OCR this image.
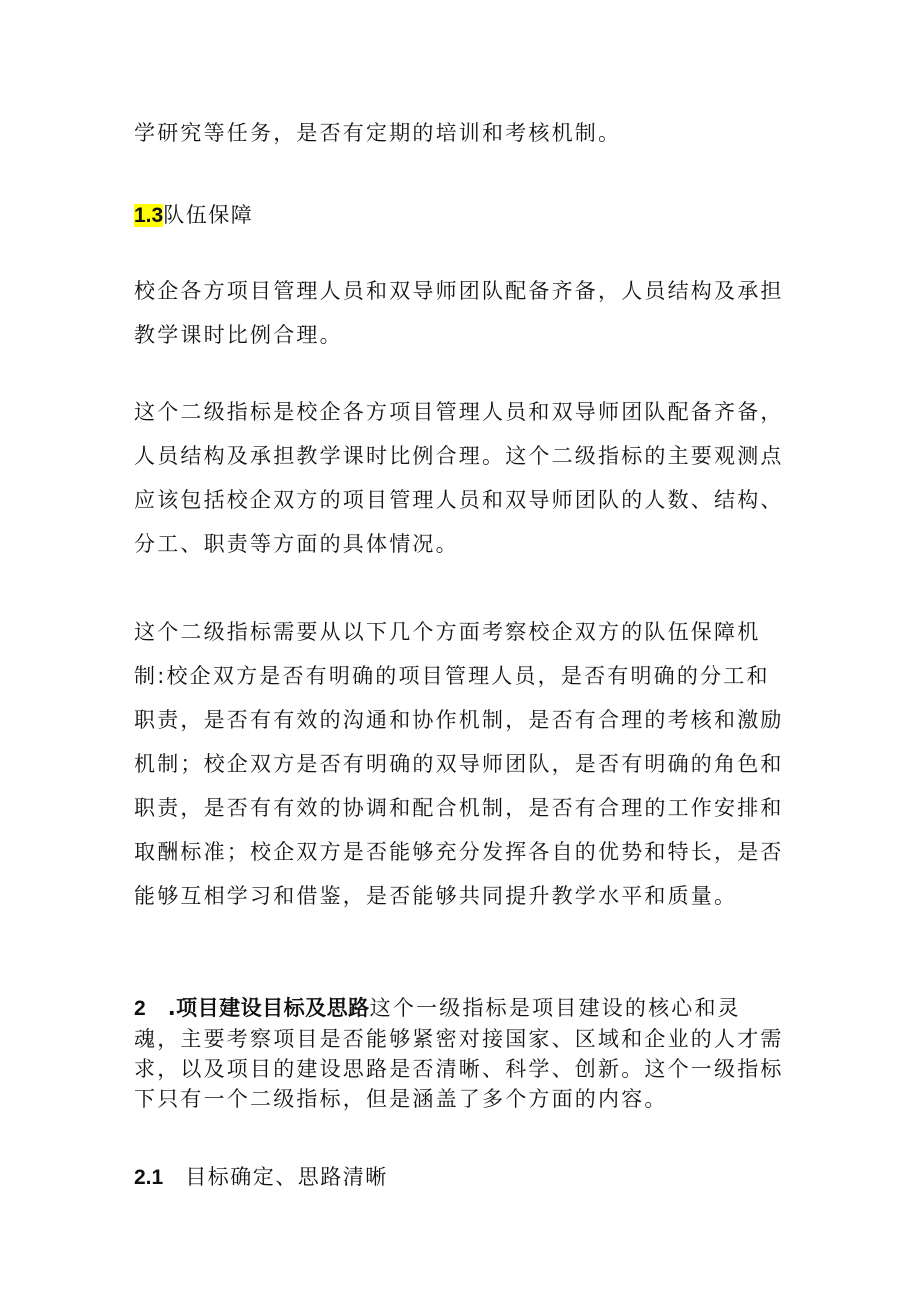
学研究等任务，是否有定期的培训和考核机制。

1.3队伍保障

校企各方项目管理人员和双导师团队配备齐备，人员结构及承担教学课时比例合理。

这个二级指标是校企各方项目管理人员和双导师团队配备齐备，人员结构及承担教学课时比例合理。这个二级指标的主要观测点应该包括校企双方的项目管理人员和双导师团队的人数、结构、分工、职责等方面的具体情况。

这个二级指标需要从以下几个方面考察校企双方的队伍保障机制:校企双方是否有明确的项目管理人员，是否有明确的分工和职责，是否有有效的沟通和协作机制，是否有合理的考核和激励机制；校企双方是否有明确的双导师团队，是否有明确的角色和职责，是否有有效的协调和配合机制，是否有合理的工作安排和取酬标准；校企双方是否能够充分发挥各自的优势和特长，是否能够互相学习和借鉴，是否能够共同提升教学水平和质量。

2 .项目建设目标及思路这个一级指标是项目建设的核心和灵魂，主要考察项目是否能够紧密对接国家、区域和企业的人才需求，以及项目的建设思路是否清晰、科学、创新。这个一级指标下只有一个二级指标，但是涵盖了多个方面的内容。

2.1 目标确定、思路清晰
